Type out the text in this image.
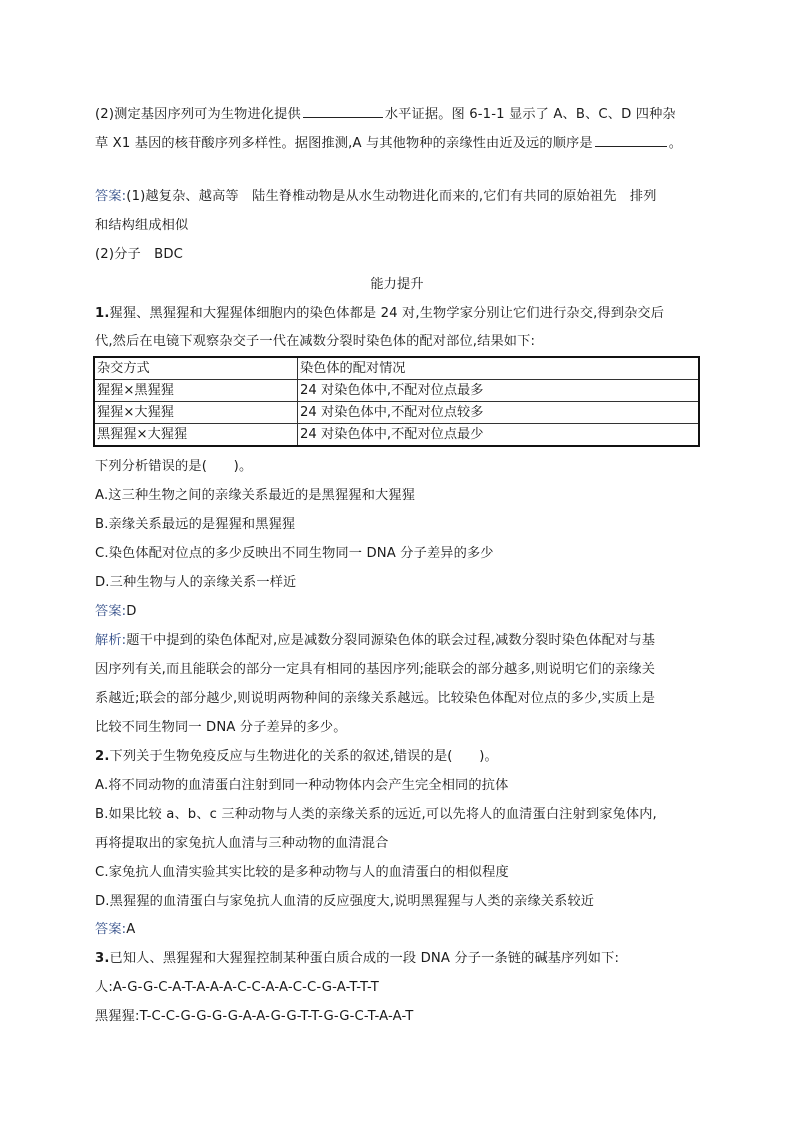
(2)测定基因序列可为生物进化提供	水平证据。图 6-1-1 显示了 A、B、C、D 四种杂
草 X1 基因的核苷酸序列多样性。据图推测,A 与其他物种的亲缘性由近及远的顺序是	。
答案:(1)越复杂、越高等　陆生脊椎动物是从水生动物进化而来的,它们有共同的原始祖先　排列
和结构组成相似
(2)分子　BDC
能力提升
1.猩猩、黑猩猩和大猩猩体细胞内的染色体都是 24 对,生物学家分别让它们进行杂交,得到杂交后
代,然后在电镜下观察杂交子一代在减数分裂时染色体的配对部位,结果如下:
杂交方式	染色体的配对情况
猩猩×黑猩猩	24 对染色体中,不配对位点最多
猩猩×大猩猩	24 对染色体中,不配对位点较多
黑猩猩×大猩猩	24 对染色体中,不配对位点最少
下列分析错误的是(　　)。
A.这三种生物之间的亲缘关系最近的是黑猩猩和大猩猩
B.亲缘关系最远的是猩猩和黑猩猩
C.染色体配对位点的多少反映出不同生物同一 DNA 分子差异的多少
D.三种生物与人的亲缘关系一样近
答案:D
解析:题干中提到的染色体配对,应是减数分裂同源染色体的联会过程,减数分裂时染色体配对与基
因序列有关,而且能联会的部分一定具有相同的基因序列;能联会的部分越多,则说明它们的亲缘关
系越近;联会的部分越少,则说明两物种间的亲缘关系越远。比较染色体配对位点的多少,实质上是
比较不同生物同一 DNA 分子差异的多少。
2.下列关于生物免疫反应与生物进化的关系的叙述,错误的是(　　)。
A.将不同动物的血清蛋白注射到同一种动物体内会产生完全相同的抗体
B.如果比较 a、b、c 三种动物与人类的亲缘关系的远近,可以先将人的血清蛋白注射到家兔体内,
再将提取出的家兔抗人血清与三种动物的血清混合
C.家兔抗人血清实验其实比较的是多种动物与人的血清蛋白的相似程度
D.黑猩猩的血清蛋白与家兔抗人血清的反应强度大,说明黑猩猩与人类的亲缘关系较近
答案:A
3.已知人、黑猩猩和大猩猩控制某种蛋白质合成的一段 DNA 分子一条链的碱基序列如下:
人:A-G-G-C-A-T-A-A-A-C-C-A-A-C-C-G-A-T-T-T
黑猩猩:T-C-C-G-G-G-G-A-A-G-G-T-T-G-G-C-T-A-A-T
